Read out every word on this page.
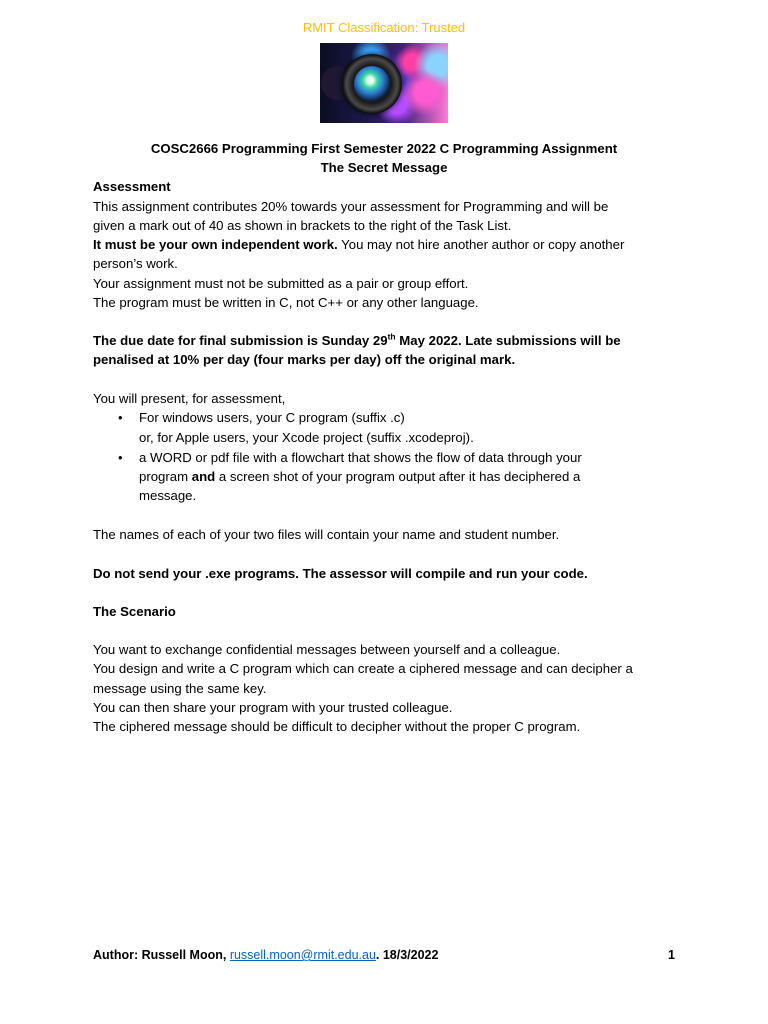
RMIT Classification: Trusted
COSC2666 Programming First Semester 2022 C Programming Assignment
The Secret Message
Assessment
This assignment contributes 20% towards your assessment for Programming and will be
given a mark out of 40 as shown in brackets to the right of the Task List.
It must be your own independent work. You may not hire another author or copy another
person’s work.
Your assignment must not be submitted as a pair or group effort.
The program must be written in C, not C++ or any other language.
The due date for final submission is Sunday 29th May 2022. Late submissions will be
penalised at 10% per day (four marks per day) off the original mark.
You will present, for assessment,
• For windows users, your C program (suffix .c)
or, for Apple users, your Xcode project (suffix .xcodeproj).
• a WORD or pdf file with a flowchart that shows the flow of data through your
program and a screen shot of your program output after it has deciphered a
message.
The names of each of your two files will contain your name and student number.
Do not send your .exe programs. The assessor will compile and run your code.
The Scenario
You want to exchange confidential messages between yourself and a colleague.
You design and write a C program which can create a ciphered message and can decipher a
message using the same key.
You can then share your program with your trusted colleague.
The ciphered message should be difficult to decipher without the proper C program.
Author: Russell Moon, russell.moon@rmit.edu.au. 18/3/2022	1
